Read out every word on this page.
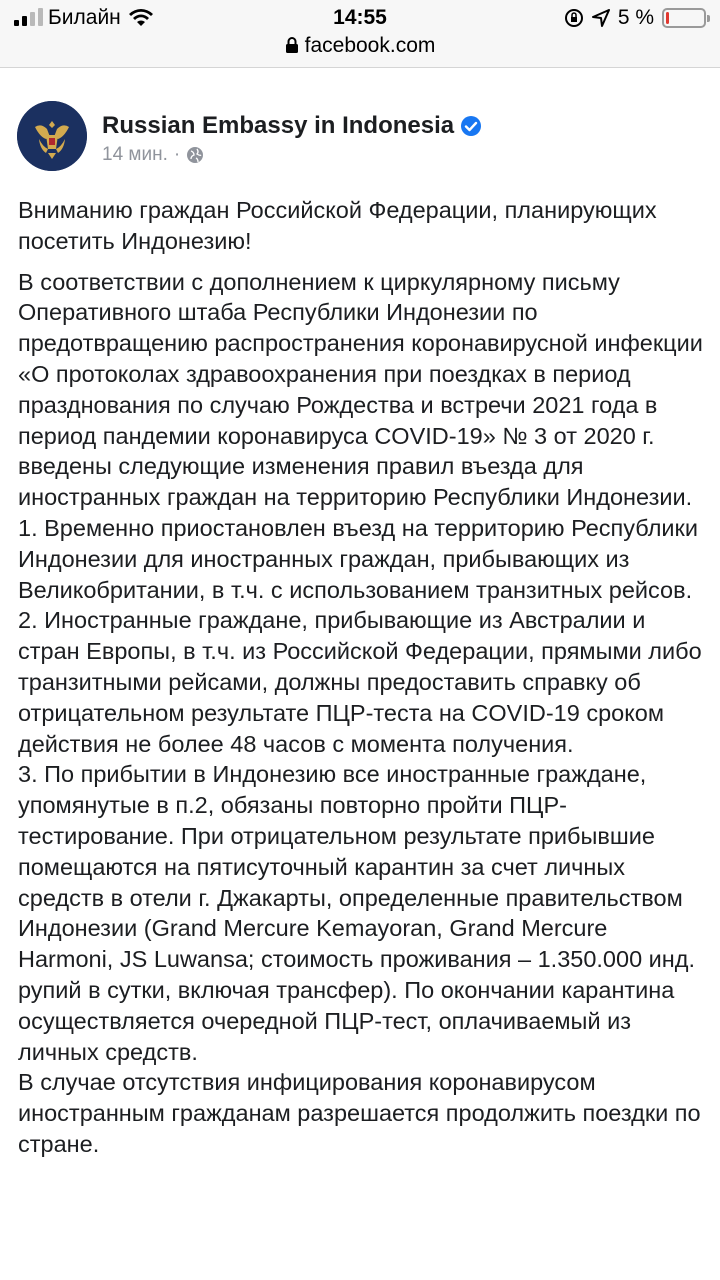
Билайн	14:55	5 %
facebook.com
Russian Embassy in Indonesia
14 мин. ·

Вниманию граждан Российской Федерации, планирующих посетить Индонезию!

В соответствии с дополнением к циркулярному письму Оперативного штаба Республики Индонезии по предотвращению распространения коронавирусной инфекции «О протоколах здравоохранения при поездках в период празднования по случаю Рождества и встречи 2021 года в период пандемии коронавируса COVID-19» № 3 от 2020 г. введены следующие изменения правил въезда для иностранных граждан на территорию Республики Индонезии.

1. Временно приостановлен въезд на территорию Республики Индонезии для иностранных граждан, прибывающих из Великобритании, в т.ч. с использованием транзитных рейсов.

2. Иностранные граждане, прибывающие из Австралии и стран Европы, в т.ч. из Российской Федерации, прямыми либо транзитными рейсами, должны предоставить справку об отрицательном результате ПЦР-теста на COVID-19 сроком действия не более 48 часов с момента получения.

3. По прибытии в Индонезию все иностранные граждане, упомянутые в п.2, обязаны повторно пройти ПЦР-тестирование. При отрицательном результате прибывшие помещаются на пятисуточный карантин за счет личных средств в отели г. Джакарты, определенные правительством Индонезии (Grand Mercure Kemayoran, Grand Mercure Harmoni, JS Luwansa; стоимость проживания – 1.350.000 инд. рупий в сутки, включая трансфер). По окончании карантина осуществляется очередной ПЦР-тест, оплачиваемый из личных средств.

В случае отсутствия инфицирования коронавирусом иностранным гражданам разрешается продолжить поездки по стране.
